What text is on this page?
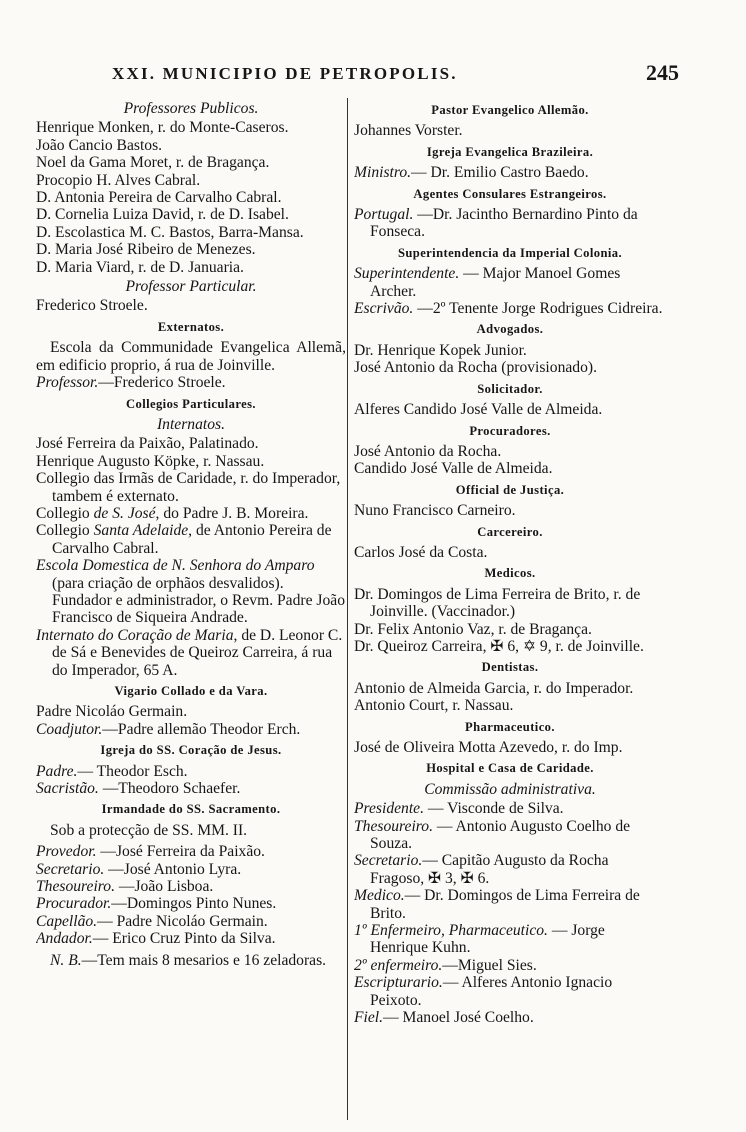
XXI. MUNICIPIO DE PETROPOLIS.	245
Professores Publicos.
Henrique Monken, r. do Monte-Caseros.
João Cancio Bastos.
Noel da Gama Moret, r. de Bragança.
Procopio H. Alves Cabral.
D. Antonia Pereira de Carvalho Cabral.
D. Cornelia Luiza David, r. de D. Isabel.
D. Escolastica M. C. Bastos, Barra-Mansa.
D. Maria José Ribeiro de Menezes.
D. Maria Viard, r. de D. Januaria.
Professor Particular.
Frederico Stroele.
Externatos.
Escola da Communidade Evangelica Allemã, em edificio proprio, á rua de Joinville.
Professor.—Frederico Stroele.
Collegios Particulares.
Internatos.
José Ferreira da Paixão, Palatinado.
Henrique Augusto Köpke, r. Nassau.
Collegio das Irmãs de Caridade, r. do Imperador, tambem é externato.
Collegio de S. José, do Padre J. B. Moreira.
Collegio Santa Adelaide, de Antonio Pereira de Carvalho Cabral.
Escola Domestica de N. Senhora do Amparo (para criação de orphãos desvalidos). Fundador e administrador, o Revm. Padre João Francisco de Siqueira Andrade.
Internato do Coração de Maria, de D. Leonor C. de Sá e Benevides de Queiroz Carreira, á rua do Imperador, 65 A.
Vigario Collado e da Vara.
Padre Nicoláo Germain.
Coadjutor.—Padre allemão Theodor Erch.
Igreja do SS. Coração de Jesus.
Padre.— Theodor Esch.
Sacristão. —Theodoro Schaefer.
Irmandade do SS. Sacramento.
Sob a protecção de SS. MM. II.
Provedor. —José Ferreira da Paixão.
Secretario. —José Antonio Lyra.
Thesoureiro. —João Lisboa.
Procurador.—Domingos Pinto Nunes.
Capellão.— Padre Nicoláo Germain.
Andador.— Erico Cruz Pinto da Silva.
N. B.—Tem mais 8 mesarios e 16 zeladoras.
Pastor Evangelico Allemão.
Johannes Vorster.
Igreja Evangelica Brazileira.
Ministro.— Dr. Emilio Castro Baedo.
Agentes Consulares Estrangeiros.
Portugal. —Dr. Jacintho Bernardino Pinto da Fonseca.
Superintendencia da Imperial Colonia.
Superintendente. — Major Manoel Gomes Archer.
Escrivão. —2º Tenente Jorge Rodrigues Cidreira.
Advogados.
Dr. Henrique Kopek Junior.
José Antonio da Rocha (provisionado).
Solicitador.
Alferes Candido José Valle de Almeida.
Procuradores.
José Antonio da Rocha.
Candido José Valle de Almeida.
Official de Justiça.
Nuno Francisco Carneiro.
Carcereiro.
Carlos José da Costa.
Medicos.
Dr. Domingos de Lima Ferreira de Brito, r. de Joinville. (Vaccinador.)
Dr. Felix Antonio Vaz, r. de Bragança.
Dr. Queiroz Carreira, ✠ 6, ✡ 9, r. de Joinville.
Dentistas.
Antonio de Almeida Garcia, r. do Imperador.
Antonio Court, r. Nassau.
Pharmaceutico.
José de Oliveira Motta Azevedo, r. do Imp.
Hospital e Casa de Caridade.
Commissão administrativa.
Presidente. — Visconde de Silva.
Thesoureiro. — Antonio Augusto Coelho de Souza.
Secretario.— Capitão Augusto da Rocha Fragoso, ✠ 3, ✠ 6.
Medico.— Dr. Domingos de Lima Ferreira de Brito.
1º Enfermeiro, Pharmaceutico. — Jorge Henrique Kuhn.
2º enfermeiro.—Miguel Sies.
Escripturario.— Alferes Antonio Ignacio Peixoto.
Fiel.— Manoel José Coelho.
